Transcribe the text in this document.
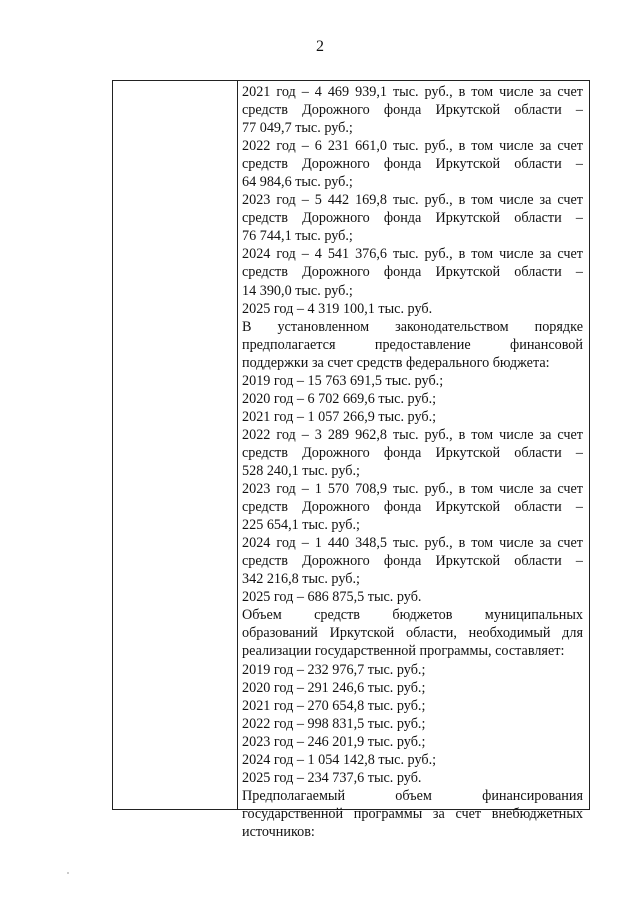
2
2021 год – 4 469 939,1 тыс. руб., в том числе за счет
средств Дорожного фонда Иркутской области –
77 049,7 тыс. руб.;
2022 год – 6 231 661,0 тыс. руб., в том числе за счет
средств Дорожного фонда Иркутской области –
64 984,6 тыс. руб.;
2023 год – 5 442 169,8 тыс. руб., в том числе за счет
средств Дорожного фонда Иркутской области –
76 744,1 тыс. руб.;
2024 год – 4 541 376,6 тыс. руб., в том числе за счет
средств Дорожного фонда Иркутской области –
14 390,0 тыс. руб.;
2025 год – 4 319 100,1 тыс. руб.
В установленном законодательством порядке
предполагается предоставление финансовой
поддержки за счет средств федерального бюджета:
2019 год – 15 763 691,5 тыс. руб.;
2020 год – 6 702 669,6 тыс. руб.;
2021 год – 1 057 266,9 тыс. руб.;
2022 год – 3 289 962,8 тыс. руб., в том числе за счет
средств Дорожного фонда Иркутской области –
528 240,1 тыс. руб.;
2023 год – 1 570 708,9 тыс. руб., в том числе за счет
средств Дорожного фонда Иркутской области –
225 654,1 тыс. руб.;
2024 год – 1 440 348,5 тыс. руб., в том числе за счет
средств Дорожного фонда Иркутской области –
342 216,8 тыс. руб.;
2025 год – 686 875,5 тыс. руб.
Объем средств бюджетов муниципальных
образований Иркутской области, необходимый для
реализации государственной программы, составляет:
2019 год – 232 976,7 тыс. руб.;
2020 год – 291 246,6 тыс. руб.;
2021 год – 270 654,8 тыс. руб.;
2022 год – 998 831,5 тыс. руб.;
2023 год – 246 201,9 тыс. руб.;
2024 год – 1 054 142,8 тыс. руб.;
2025 год – 234 737,6 тыс. руб.
Предполагаемый объем финансирования
государственной программы за счет внебюджетных
источников:
